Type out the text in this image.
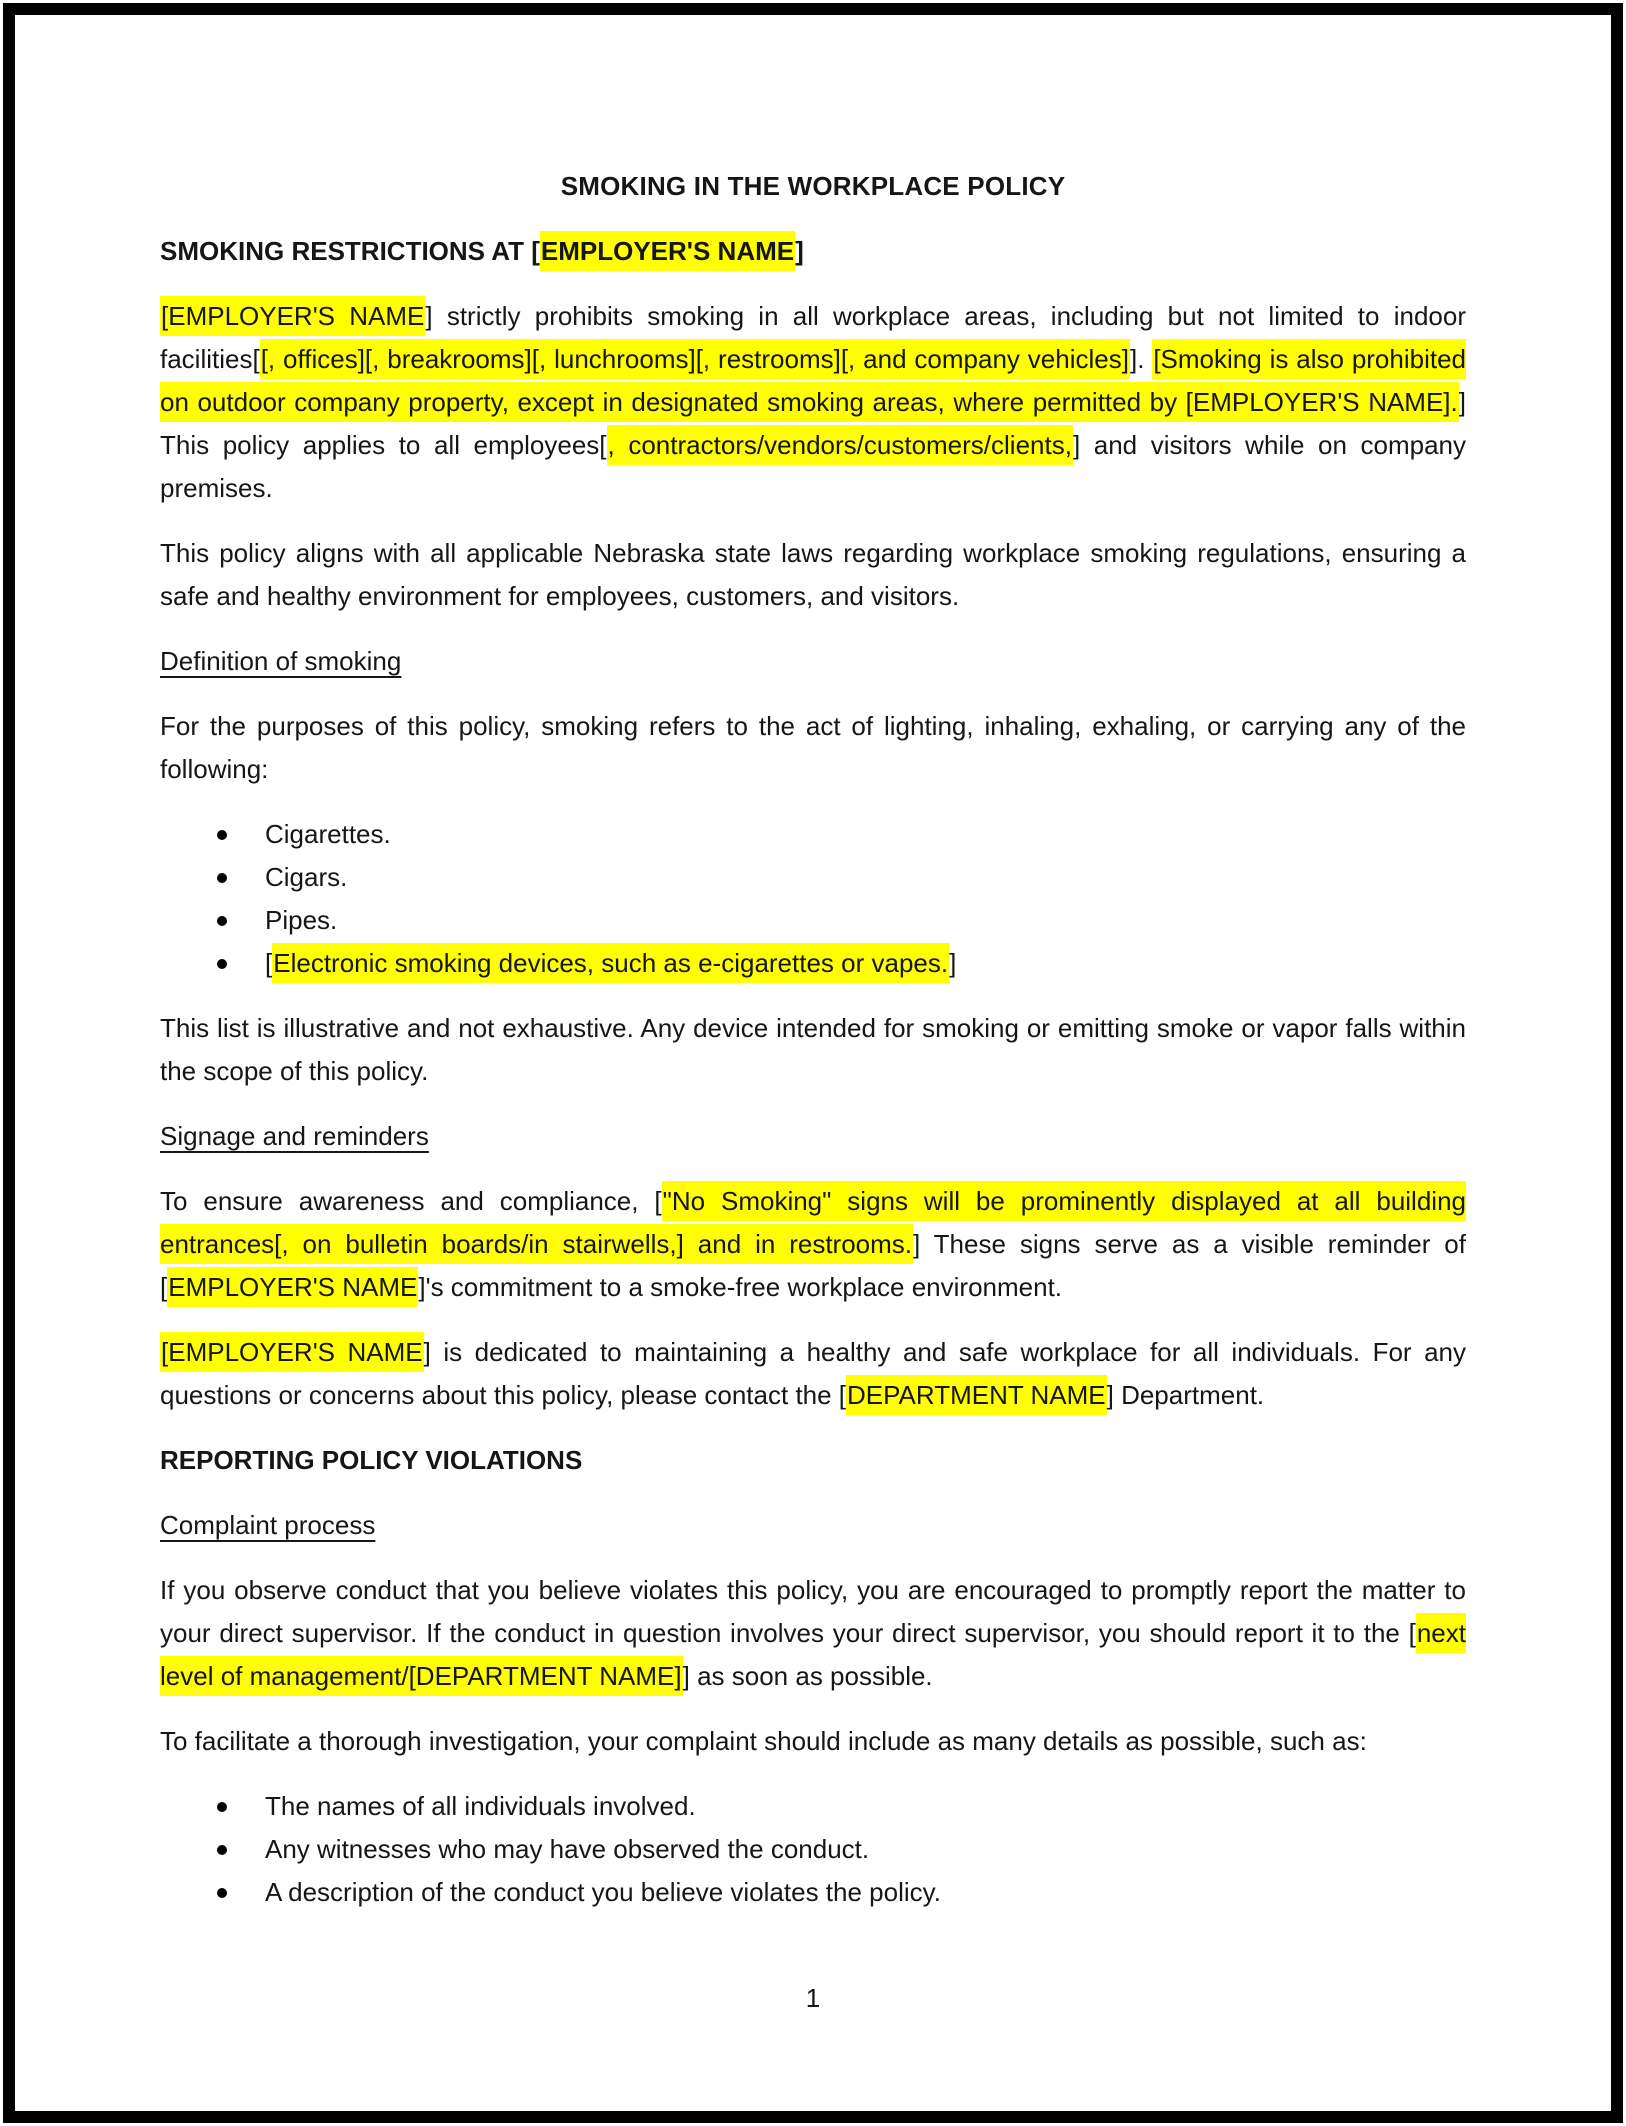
SMOKING IN THE WORKPLACE POLICY

SMOKING RESTRICTIONS AT [EMPLOYER'S NAME]

[EMPLOYER'S NAME] strictly prohibits smoking in all workplace areas, including but not limited to indoor facilities[[, offices][, breakrooms][, lunchrooms][, restrooms][, and company vehicles]]. [Smoking is also prohibited on outdoor company property, except in designated smoking areas, where permitted by [EMPLOYER'S NAME].] This policy applies to all employees[, contractors/vendors/customers/clients,] and visitors while on company premises.

This policy aligns with all applicable Nebraska state laws regarding workplace smoking regulations, ensuring a safe and healthy environment for employees, customers, and visitors.

Definition of smoking

For the purposes of this policy, smoking refers to the act of lighting, inhaling, exhaling, or carrying any of the following:

Cigarettes.
Cigars.
Pipes.
[Electronic smoking devices, such as e-cigarettes or vapes.]

This list is illustrative and not exhaustive. Any device intended for smoking or emitting smoke or vapor falls within the scope of this policy.

Signage and reminders

To ensure awareness and compliance, ["No Smoking" signs will be prominently displayed at all building entrances[, on bulletin boards/in stairwells,] and in restrooms.] These signs serve as a visible reminder of [EMPLOYER'S NAME]'s commitment to a smoke-free workplace environment.

[EMPLOYER'S NAME] is dedicated to maintaining a healthy and safe workplace for all individuals. For any questions or concerns about this policy, please contact the [DEPARTMENT NAME] Department.

REPORTING POLICY VIOLATIONS

Complaint process

If you observe conduct that you believe violates this policy, you are encouraged to promptly report the matter to your direct supervisor. If the conduct in question involves your direct supervisor, you should report it to the [next level of management/[DEPARTMENT NAME]] as soon as possible.

To facilitate a thorough investigation, your complaint should include as many details as possible, such as:

The names of all individuals involved.
Any witnesses who may have observed the conduct.
A description of the conduct you believe violates the policy.
1
